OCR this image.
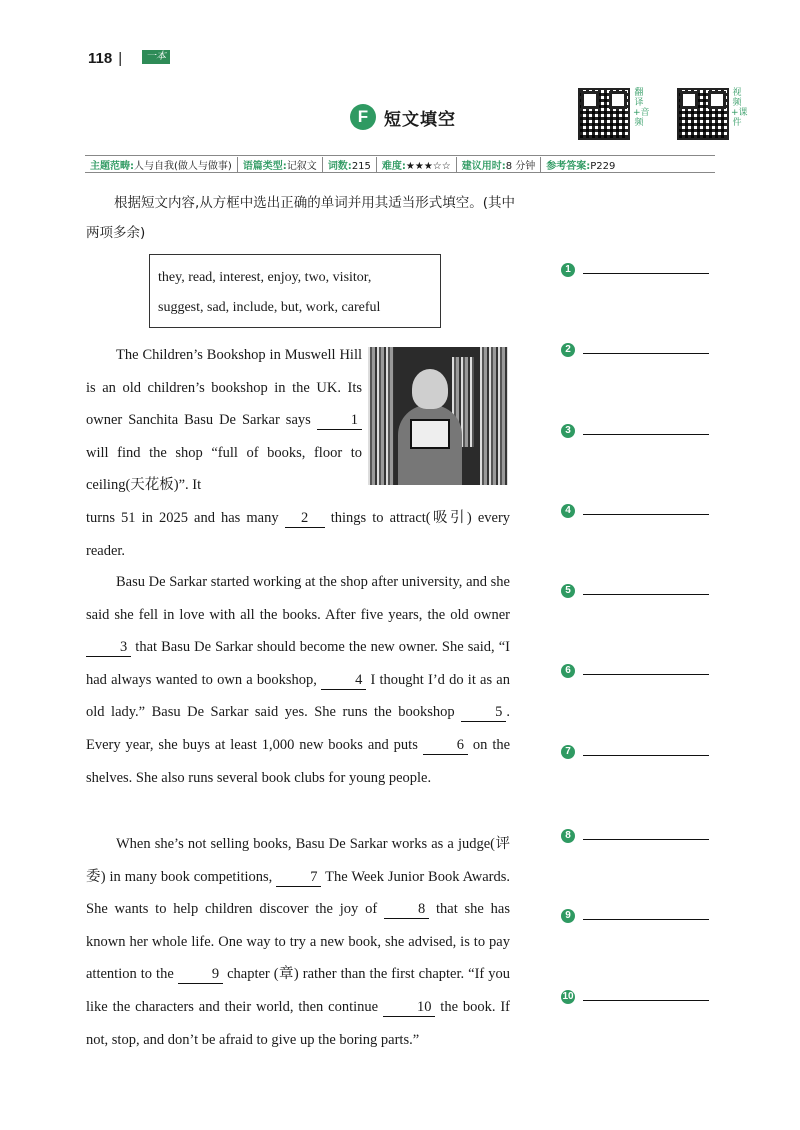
118 |	一本
F 短文填空
翻译+音频
视频+课件
主题范畴:人与自我(做人与做事)	语篇类型:记叙文	词数:215	难度:★★★☆☆	建议用时:8 分钟	参考答案:P229
根据短文内容,从方框中选出正确的单词并用其适当形式填空。(其中两项多余)
they, read, interest, enjoy, two, visitor,
suggest, sad, include, but, work, careful

The Children’s Bookshop in Muswell Hill is an old children’s bookshop in the UK. Its owner Sanchita Basu De Sarkar says	1 will find the shop “full of books, floor to ceiling(天花板)”. It

turns 51 in 2025 and has many 2 things to attract(吸引) every reader.

Basu De Sarkar started working at the shop after university, and she said she fell in love with all the books. After five years, the old owner 3 that Basu De Sarkar should become the new owner. She said, “I had always wanted to own a bookshop,	4 I thought I’d do it as an old lady.” Basu De Sarkar said yes. She runs the bookshop	5 . Every year, she buys at least 1,000 new books and puts	6 on the shelves. She also runs several book clubs for young people.

When she’s not selling books, Basu De Sarkar works as a judge(评委) in many book competitions,	7 The Week Junior Book Awards. She wants to help children discover the joy of	8 that she has known her whole life. One way to try a new book, she advised, is to pay attention to the	9 chapter (章) rather than the first chapter. “If you like the characters and their world, then continue	10 the book. If not, stop, and don’t be afraid to give up the boring parts.”

1
2
3
4
5
6
7
8
9
10
